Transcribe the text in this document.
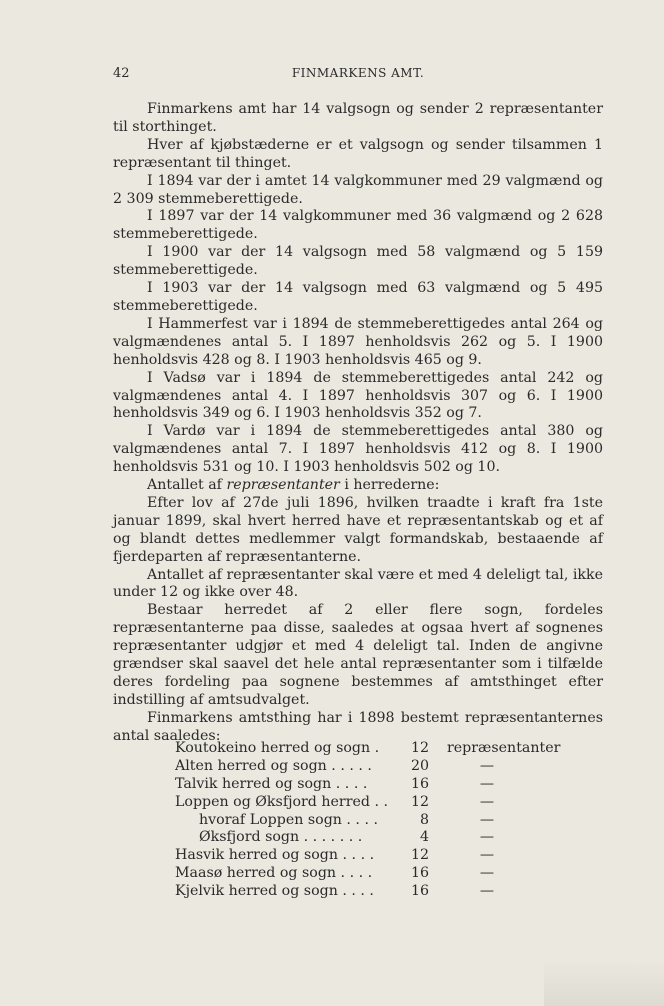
42	FINMARKENS AMT.

Finmarkens amt har 14 valgsogn og sender 2 repræsentanter til storthinget.

Hver af kjøbstæderne er et valgsogn og sender tilsammen 1 repræsentant til thinget.

I 1894 var der i amtet 14 valgkommuner med 29 valgmænd og 2 309 stemmeberettigede.

I 1897 var der 14 valgkommuner med 36 valgmænd og 2 628 stemmeberettigede.

I 1900 var der 14 valgsogn med 58 valgmænd og 5 159 stemmeberettigede.

I 1903 var der 14 valgsogn med 63 valgmænd og 5 495 stemmeberettigede.

I Hammerfest var i 1894 de stemmeberettigedes antal 264 og valgmændenes antal 5. I 1897 henholdsvis 262 og 5. I 1900 henholdsvis 428 og 8. I 1903 henholdsvis 465 og 9.

I Vadsø var i 1894 de stemmeberettigedes antal 242 og valgmændenes antal 4. I 1897 henholdsvis 307 og 6. I 1900 henholdsvis 349 og 6. I 1903 henholdsvis 352 og 7.

I Vardø var i 1894 de stemmeberettigedes antal 380 og valgmændenes antal 7. I 1897 henholdsvis 412 og 8. I 1900 henholdsvis 531 og 10. I 1903 henholdsvis 502 og 10.

Antallet af repræsentanter i herrederne:

Efter lov af 27de juli 1896, hvilken traadte i kraft fra 1ste januar 1899, skal hvert herred have et repræsentantskab og et af og blandt dettes medlemmer valgt formandskab, bestaaende af fjerdeparten af repræsentanterne.

Antallet af repræsentanter skal være et med 4 deleligt tal, ikke under 12 og ikke over 48.

Bestaar herredet af 2 eller flere sogn, fordeles repræsentanterne paa disse, saaledes at ogsaa hvert af sognenes repræsentanter udgjør et med 4 deleligt tal. Inden de angivne grændser skal saavel det hele antal repræsentanter som i tilfælde deres fordeling paa sognene bestemmes af amtsthinget efter indstilling af amtsudvalget.

Finmarkens amtsthing har i 1898 bestemt repræsentanternes antal saaledes:

Koutokeino herred og sogn . 12 repræsentanter
Alten herred og sogn . . . . .	20	—
Talvik herred og sogn . . . .	16	—
Loppen og Øksfjord herred . . 12	—
hvoraf Loppen sogn . . . .	8	—
Øksfjord sogn . . . . . . .	4	—
Hasvik herred og sogn . . . .	12	—
Maasø herred og sogn . . . .	16	—
Kjelvik herred og sogn . . . .	16	—
